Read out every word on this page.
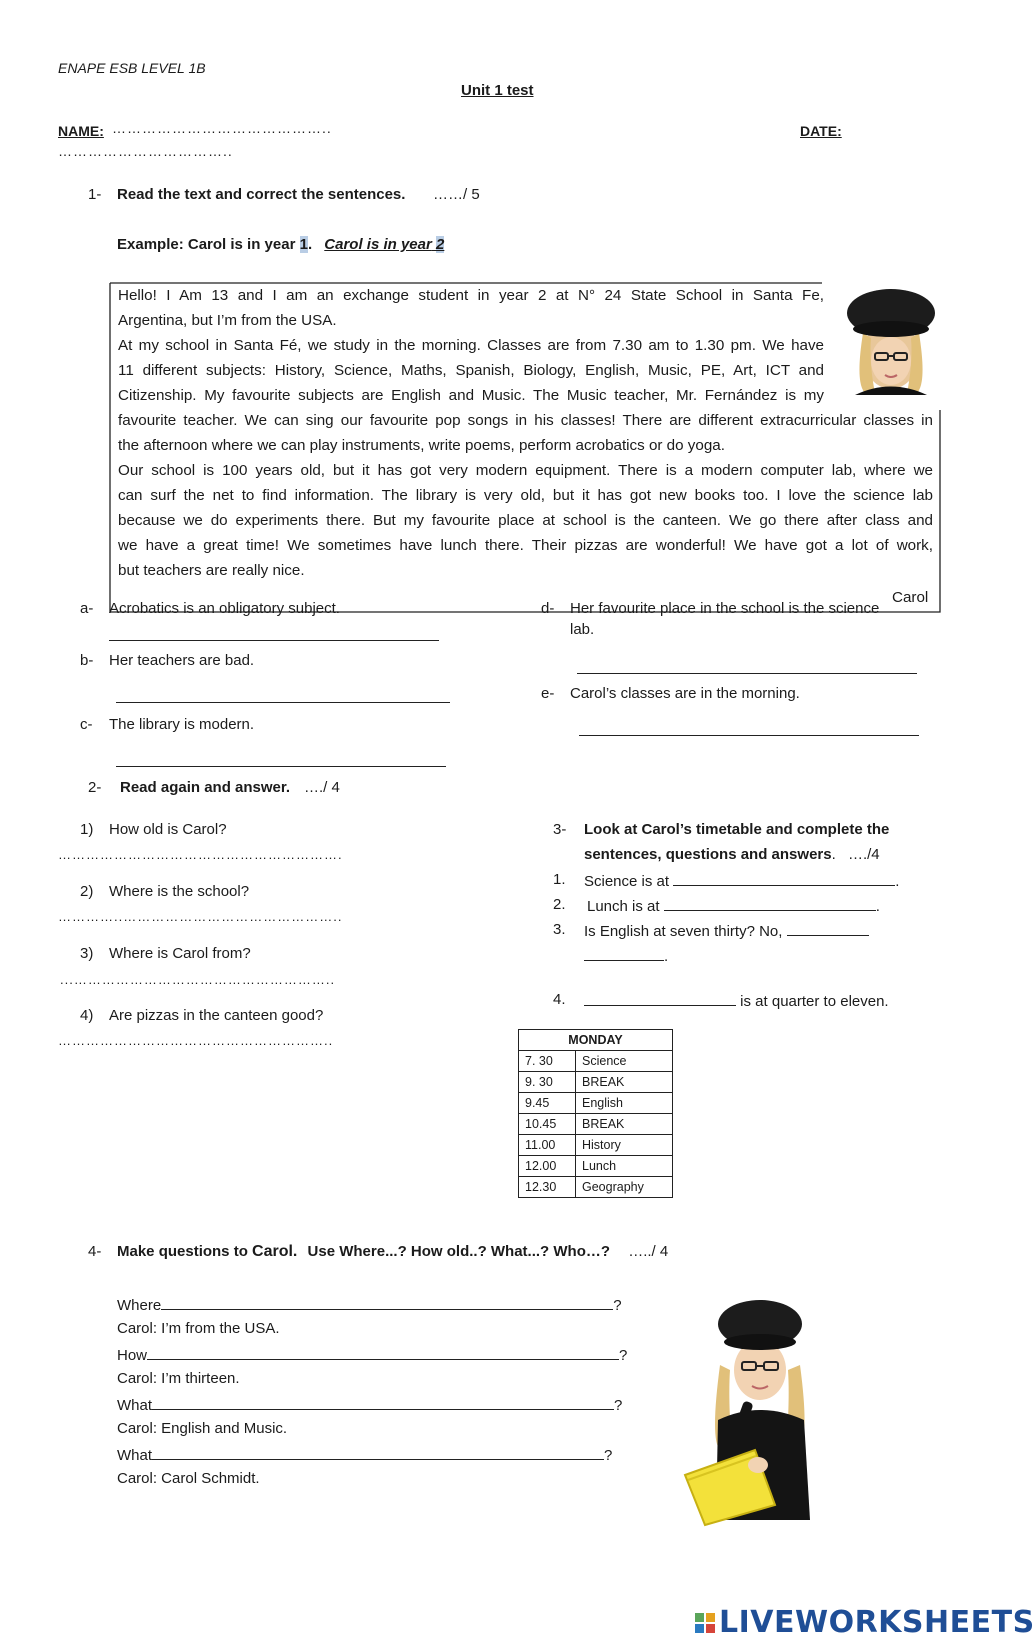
ENAPE ESB LEVEL 1B
Unit 1 test
NAME: ……………………………………..	DATE:
……………………………..
1- Read the text and correct the sentences. ……/ 5
Example: Carol is in year 1. Carol is in year 2
Hello! I Am 13 and I am an exchange student in year 2 at N° 24 State School in Santa Fe,
Argentina, but I’m from the USA.
At my school in Santa Fé, we study in the morning. Classes are from 7.30 am to 1.30 pm. We have
11 different subjects: History, Science, Maths, Spanish, Biology, English, Music, PE, Art, ICT and
Citizenship. My favourite subjects are English and Music. The Music teacher, Mr. Fernández is my
favourite teacher. We can sing our favourite pop songs in his classes! There are different extracurricular classes in
the afternoon where we can play instruments, write poems, perform acrobatics or do yoga.
Our school is 100 years old, but it has got very modern equipment. There is a modern computer lab, where we
can surf the net to find information. The library is very old, but it has got new books too. I love the science lab
because we do experiments there. But my favourite place at school is the canteen. We go there after class and
we have a great time! We sometimes have lunch there. Their pizzas are wonderful! We have got a lot of work,
but teachers are really nice.
Carol
a- Acrobatics is an obligatory subject.
b- Her teachers are bad.
c- The library is modern.
d- Her favourite place in the school is the science
lab.
e- Carol’s classes are in the morning.
2- Read again and answer. …./ 4
1) How old is Carol?
…………………………………………………….
2) Where is the school?
…………..………………………………………..
3) Where is Carol from?
...………………………………………………..
4) Are pizzas in the canteen good?
…………………………………………………..
3- Look at Carol’s timetable and complete the
sentences, questions and answers. …./4
1. Science is at	.
2. Lunch is at	.
3. Is English at seven thirty? No,
.
4.	is at quarter to eleven.
MONDAY	
7. 30	Science
9. 30	BREAK
9.45	English
10.45	BREAK
11.00	History
12.00	Lunch
12.30	Geography
4- Make questions to Carol. Use Where...? How old..? What...? Who…? …../ 4
Where	?
Carol: I’m from the USA.
How	?
Carol: I’m thirteen.
What	?
Carol: English and Music.
What	?
Carol: Carol Schmidt.
LIVEWORKSHEETS
